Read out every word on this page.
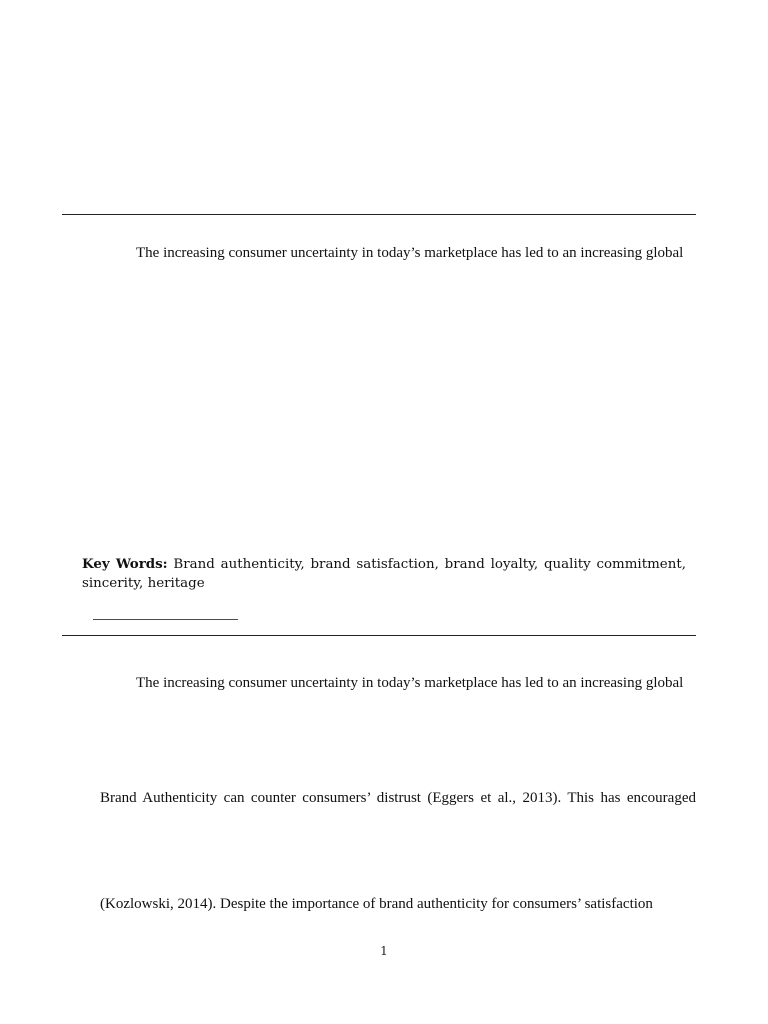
The increasing consumer uncertainty in today’s marketplace has led to an increasing global
Key Words: Brand authenticity, brand satisfaction, brand loyalty, quality commitment,
sincerity, heritage
The increasing consumer uncertainty in today’s marketplace has led to an increasing global
Brand Authenticity can counter consumers’ distrust (Eggers et al., 2013). This has encouraged
(Kozlowski, 2014). Despite the importance of brand authenticity for consumers’ satisfaction
1
